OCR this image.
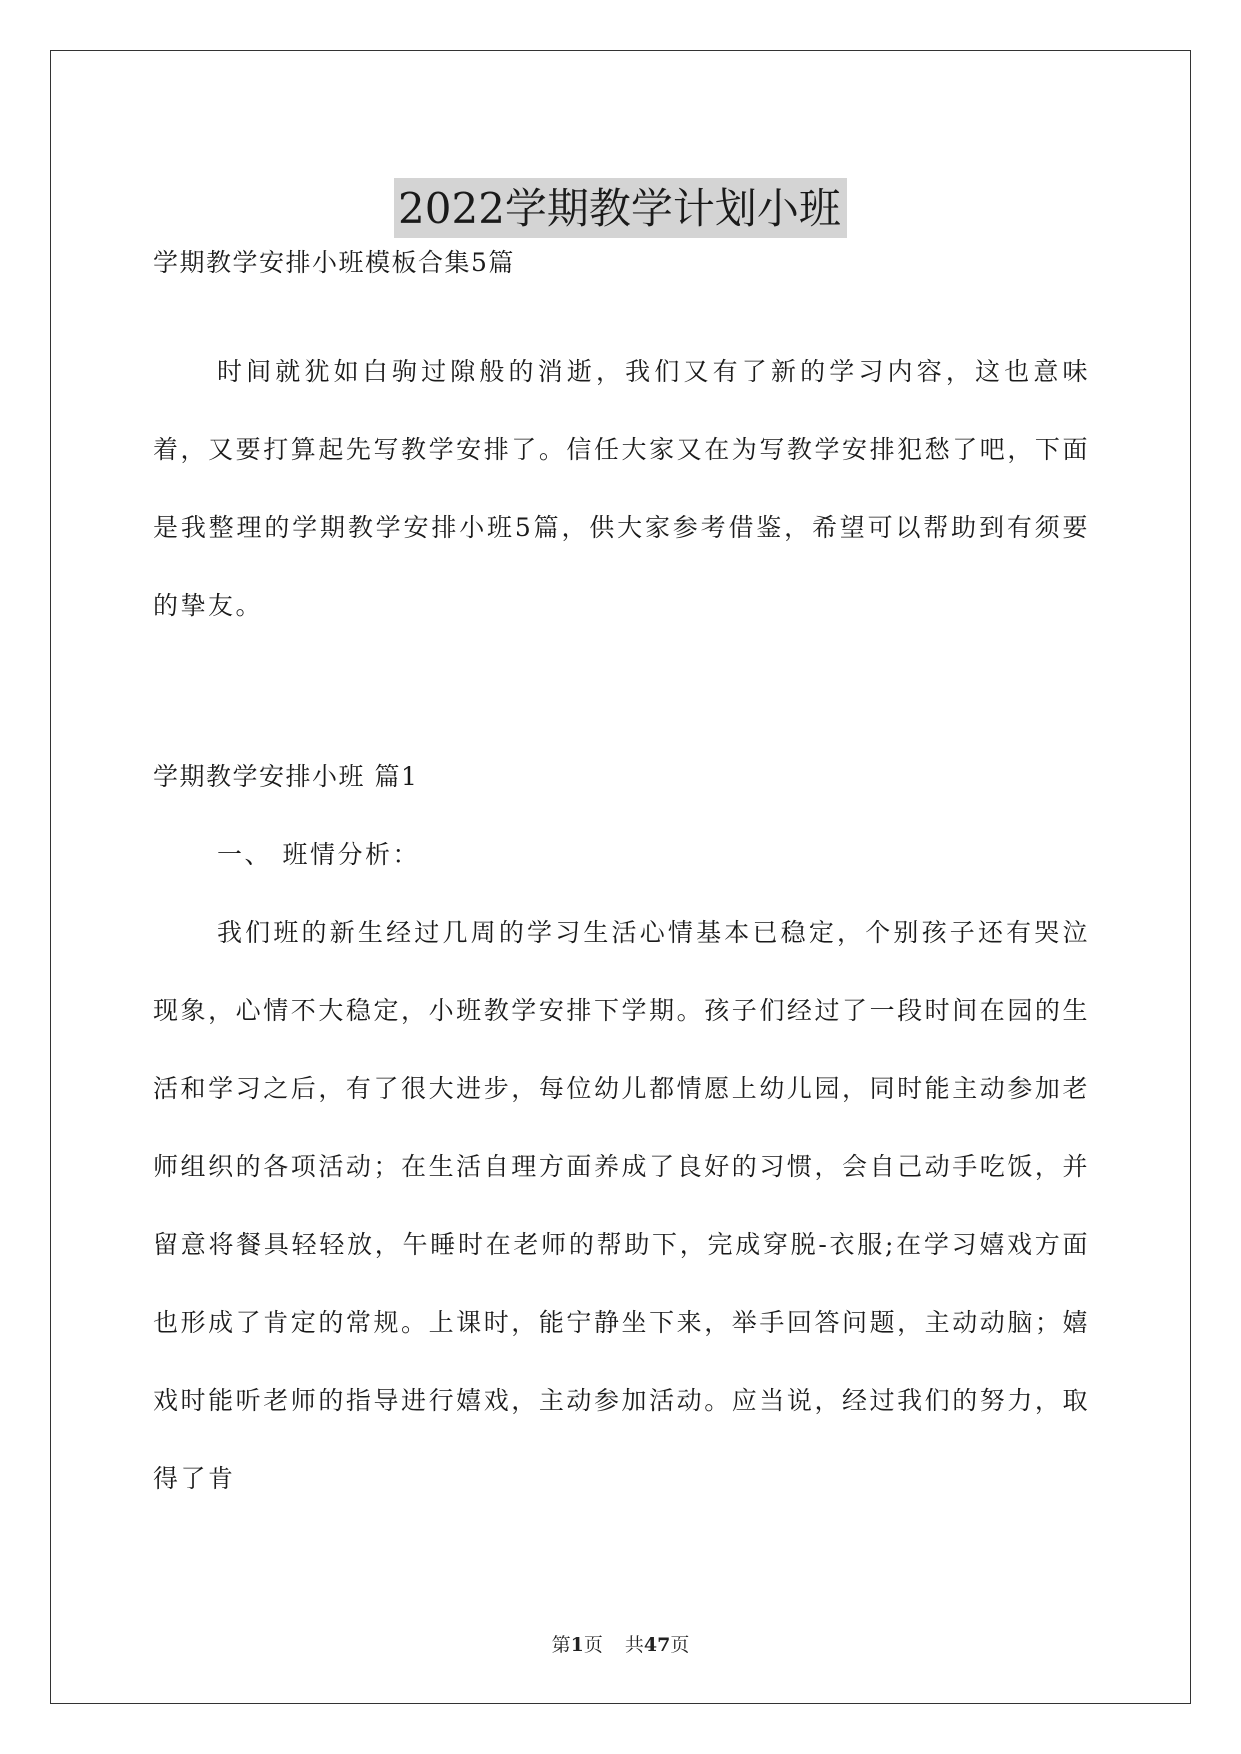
2022学期教学计划小班

学期教学安排小班模板合集5篇

时间就犹如白驹过隙般的消逝，我们又有了新的学习内容，这也意味着，又要打算起先写教学安排了。信任大家又在为写教学安排犯愁了吧，下面是我整理的学期教学安排小班5篇，供大家参考借鉴，希望可以帮助到有须要的挚友。

学期教学安排小班 篇1

一、 班情分析：

我们班的新生经过几周的学习生活心情基本已稳定，个别孩子还有哭泣现象，心情不大稳定，小班教学安排下学期。孩子们经过了一段时间在园的生活和学习之后，有了很大进步，每位幼儿都情愿上幼儿园，同时能主动参加老师组织的各项活动；在生活自理方面养成了良好的习惯，会自己动手吃饭，并留意将餐具轻轻放，午睡时在老师的帮助下，完成穿脱-衣服;在学习嬉戏方面也形成了肯定的常规。上课时，能宁静坐下来，举手回答问题，主动动脑；嬉戏时能听老师的指导进行嬉戏，主动参加活动。应当说，经过我们的努力，取得了肯

第1页 共47页
